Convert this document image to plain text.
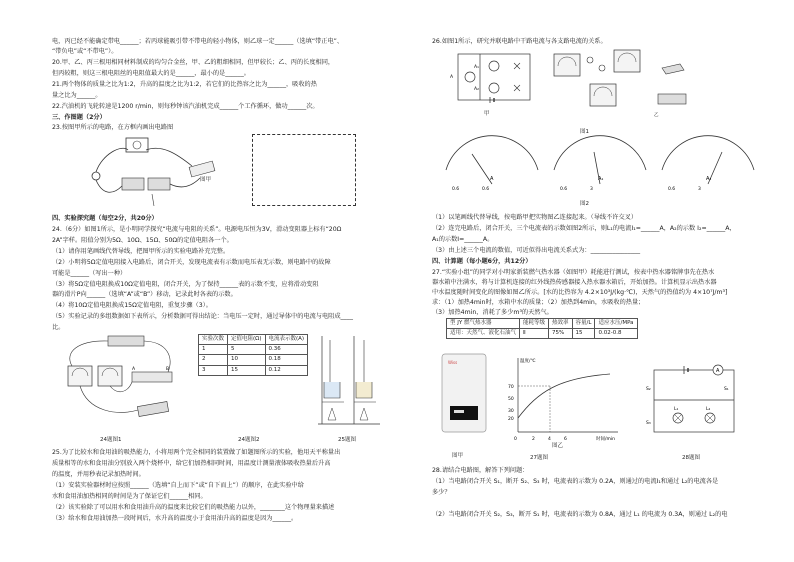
电，丙已经不能确定带电______；若丙球能吸引带不带电的轻小物体，则乙球一定______（选填“带正电”、
“带负电”或“不带电”）。
20.甲、乙、丙三根用相同材料制成的均匀合金丝，甲、乙的粗细相同，但甲较长；乙、丙的长度相同，
但丙较粗，则这三根电阻丝的电阻值最大的是______，最小的是______。
21.两个物体的质量之比为1:2，升高的温度之比为1:2，若它们的比热容之比为______，吸收的热
量之比为______。
22.汽油机的飞轮转速是1200 r/min，则每秒钟该汽油机完成______个工作循环，做功______次。
三、作图题（2分）
23.按图甲所示的电路，在方框内画出电路图
图甲
四、实验探究题（每空2分，共20分）
24.（6分）如图1所示，是小明同学探究“电流与电阻的关系”。电源电压恒为3V，滑动变阻器上标有“20Ω
2A”字样。阻值分别为5Ω、10Ω、15Ω、50Ω的定值电阻各一个。
（1）请你用笔画线代替导线，把图甲所示的实验电路补充完整。
（2）小明将5Ω定值电阻接入电路后，闭合开关，发现电流表有示数而电压表无示数，则电路中的故障
可能是______（写出一种）
（3）将5Ω定值电阻换成10Ω定值电阻，闭合开关，为了保持______表的示数不变，应将滑动变阻
器的滑片P向______（选填“A”或“B”）移动，记录此时各表的示数。
（4）将10Ω定值电阻换成15Ω定值电阻，重复步骤（3）。
（5）实验记录的多组数据如下表所示，分析数据可得出结论：当电压一定时，通过导体中的电流与电阻成____
比。
A	B
实验次数	定值电阻(Ω)	电流表示数(A)
1	5	0.36
2	10	0.18
3	15	0.12
24题图1	24题图2	25题图
25.为了比较水和食用油的吸热能力，小将用两个完全相同的装置做了如题图所示的实验，他用天平称量出
质量相等的水和食用油分别放入两个烧杯中，给它们加热相同时间，用温度计测量液体吸收热量后升高
的温度，并用秒表记录加热时间。
（1）安装实验器材时应按照______（选填“自上而下”或“自下而上”）的顺序，在此实验中给
水和食用油加热相同的时间是为了保证它们______相同。
（2）该实验除了可以用水和食用油升高的温度来比较它们的吸热能力以外，________这个物理量来描述
（3）给水和食用油加热一段时间后，水升高的温度小于食用油升高的温度是因为______。
26.如图1所示，研究并联电路中干路电流与各支路电流的关系。
A
A₁
A₂
甲	乙
图1
0.6	0.6
A
0.6	3
A₁
0.6	3
A₂
图2
（1）以笔画线代替导线，按电路甲把实物图乙连接起来。（导线不许交叉）
（2）连完电路后，闭合开关，三个电流表的示数如图2所示，则L₁的电流I₁=______A，A₂的示数 I₂=______A，
A₁的示数I=______A。
（3）由上述三个电流的数值，可近似得出电流关系式为：________________
四、计算题（每小题6分，共12分）
27.“实验小组”的同学对小明家新装燃气热水器（如图甲）耗能进行测试，按表中热水器铭牌事先在热水
器水箱中注满水，将与计算机连接的红外线热传感器接入热水器水箱后，开始加热。计算机显示出热水器
中水温度随时间变化的图像如图乙所示。[水的比热容为 4.2×10³J/(kg·℃)，天然气的热值约为 4×10⁷J/m³]
求：（1）加热4min时，水箱中水的质量；（2）加热到4min，水吸收的热量；
（3）加热4min，消耗了多少m³的天然气。
型 JY 燃气热水器	能耗等级	热效率	容量/L	适应水压/MPa
适用：天然气、液化石油气	Ⅱ	75%	15	0.02-0.8
Wiss
图甲
温度/℃
时间/min
70
50
30
20
0	2	4	6
图乙
27题图
A
S₂	S₁
S₃
L₁	L₂
28题图
28.请结合电路图，解答下列问题：
（1）当电路闭合开关 S₁，断开 S₂、S₃ 时，电流表的示数为 0.2A，则通过的电流I₁和通过 L₂的电流各是
多少？
（2）当电路闭合开关 S₂，S₃，断开 S₁ 时，电流表的示数为 0.8A，通过 L₁ 的电流为 0.3A，则通过 L₂的电
